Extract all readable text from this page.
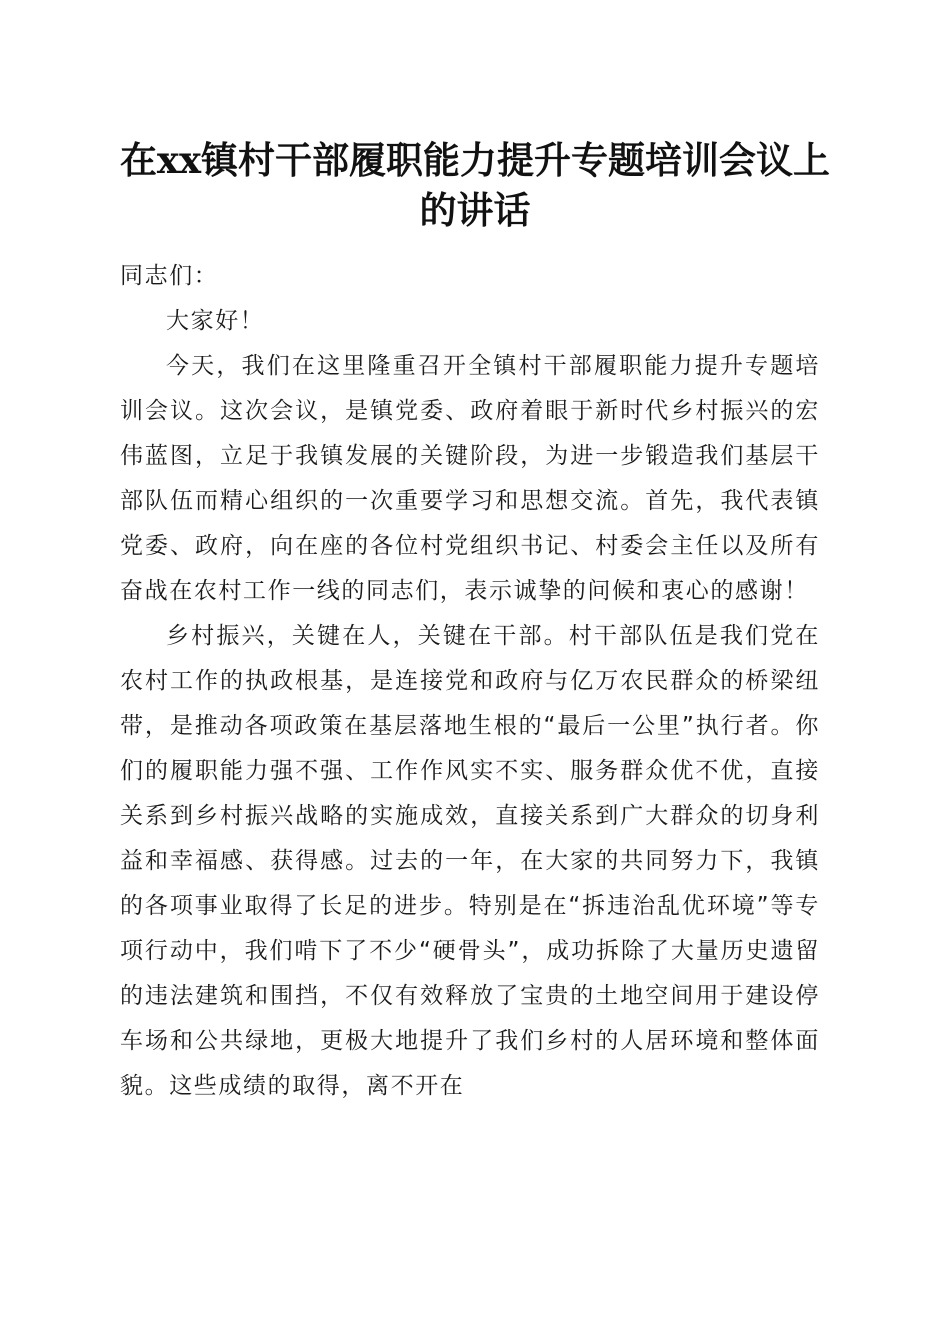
在xx镇村干部履职能力提升专题培训会议上的讲话

同志们：

大家好！

今天，我们在这里隆重召开全镇村干部履职能力提升专题培训会议。这次会议，是镇党委、政府着眼于新时代乡村振兴的宏伟蓝图，立足于我镇发展的关键阶段，为进一步锻造我们基层干部队伍而精心组织的一次重要学习和思想交流。首先，我代表镇党委、政府，向在座的各位村党组织书记、村委会主任以及所有奋战在农村工作一线的同志们，表示诚挚的问候和衷心的感谢！

乡村振兴，关键在人，关键在干部。村干部队伍是我们党在农村工作的执政根基，是连接党和政府与亿万农民群众的桥梁纽带，是推动各项政策在基层落地生根的“最后一公里”执行者。你们的履职能力强不强、工作作风实不实、服务群众优不优，直接关系到乡村振兴战略的实施成效，直接关系到广大群众的切身利益和幸福感、获得感。过去的一年，在大家的共同努力下，我镇的各项事业取得了长足的进步。特别是在“拆违治乱优环境”等专项行动中，我们啃下了不少“硬骨头”，成功拆除了大量历史遗留的违法建筑和围挡，不仅有效释放了宝贵的土地空间用于建设停车场和公共绿地，更极大地提升了我们乡村的人居环境和整体面貌。这些成绩的取得，离不开在
